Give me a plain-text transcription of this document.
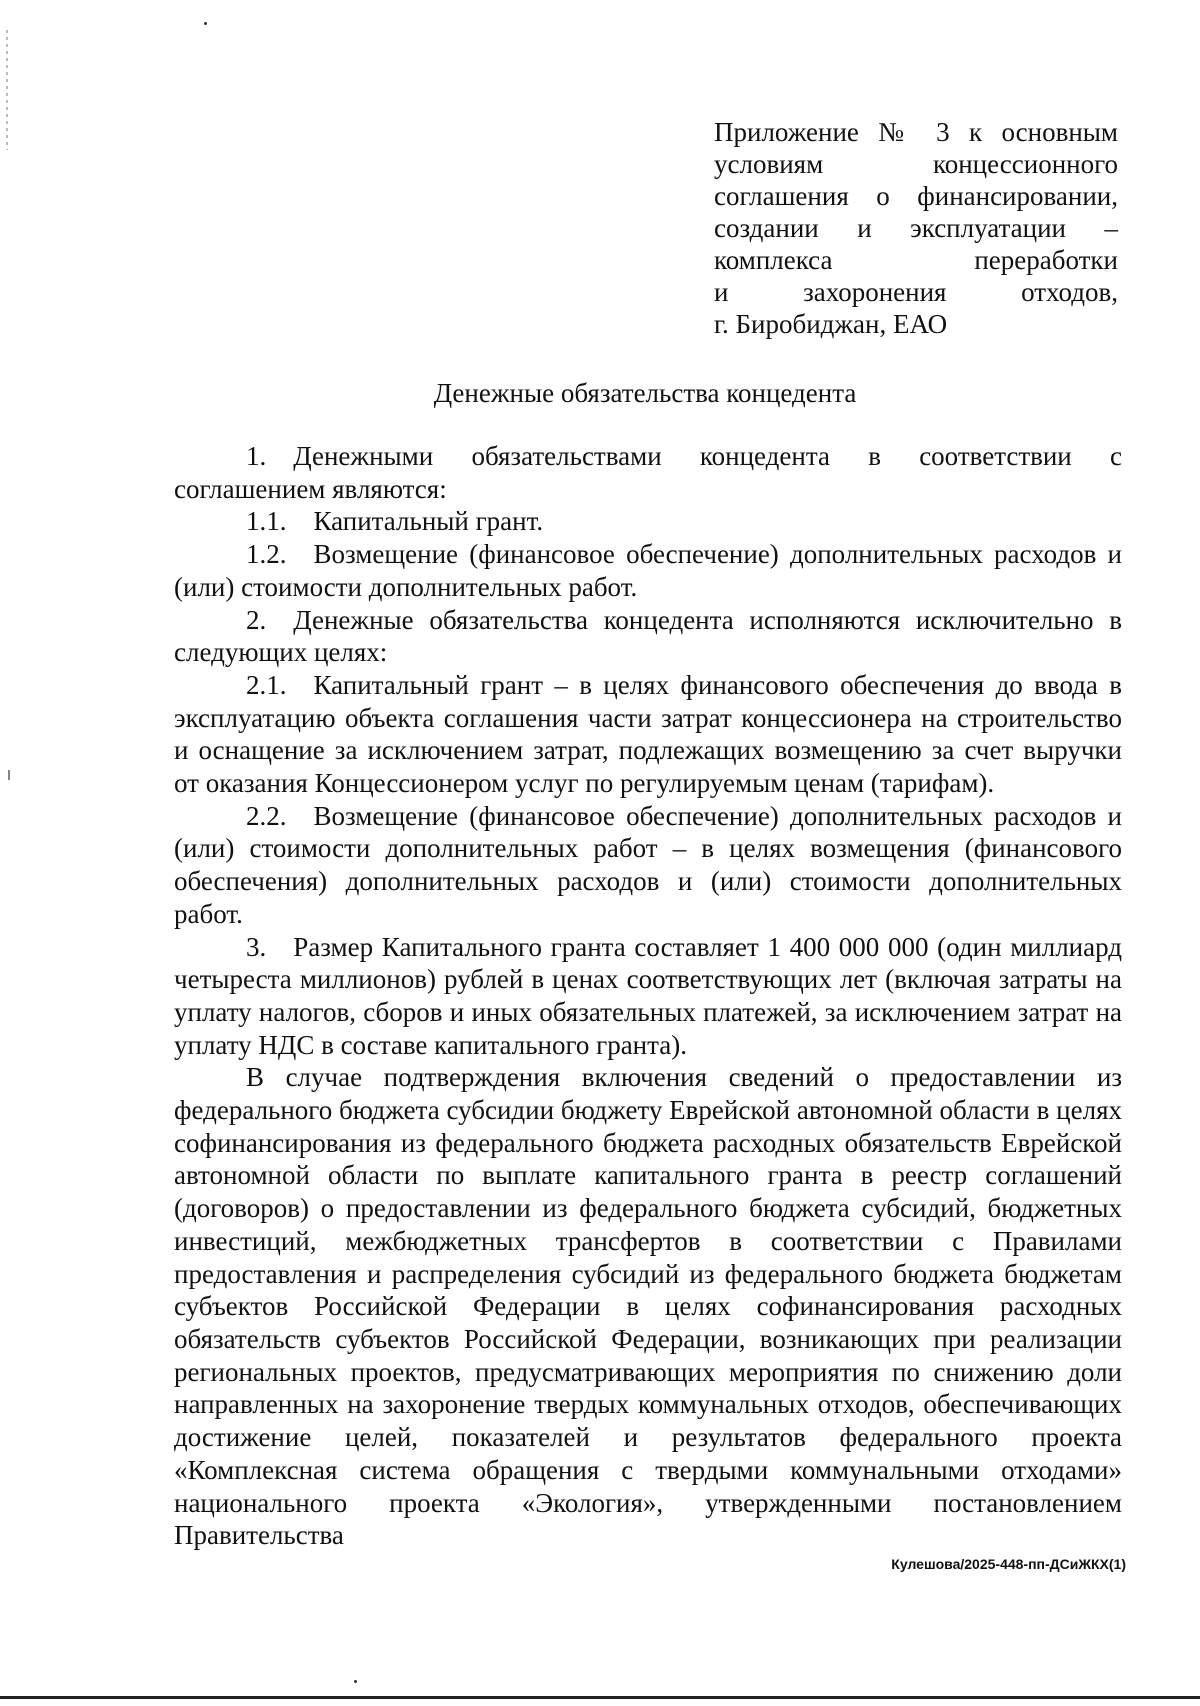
Приложение № 3 к основным
условиям концессионного
соглашения о финансировании,
создании и эксплуатации –
комплекса переработки
и захоронения отходов,
г. Биробиджан, ЕАО
Денежные обязательства концедента

1. Денежными обязательствами концедента в соответствии с соглашением являются:

1.1. Капитальный грант.

1.2. Возмещение (финансовое обеспечение) дополнительных расходов и (или) стоимости дополнительных работ.

2. Денежные обязательства концедента исполняются исключительно в следующих целях:

2.1. Капитальный грант – в целях финансового обеспечения до ввода в эксплуатацию объекта соглашения части затрат концессионера на строительство и оснащение за исключением затрат, подлежащих возмещению за счет выручки от оказания Концессионером услуг по регулируемым ценам (тарифам).

2.2. Возмещение (финансовое обеспечение) дополнительных расходов и (или) стоимости дополнительных работ – в целях возмещения (финансового обеспечения) дополнительных расходов и (или) стоимости дополнительных работ.

3. Размер Капитального гранта составляет 1 400 000 000 (один миллиард четыреста миллионов) рублей в ценах соответствующих лет (включая затраты на уплату налогов, сборов и иных обязательных платежей, за исключением затрат на уплату НДС в составе капитального гранта).

В случае подтверждения включения сведений о предоставлении из федерального бюджета субсидии бюджету Еврейской автономной области в целях софинансирования из федерального бюджета расходных обязательств Еврейской автономной области по выплате капитального гранта в реестр соглашений (договоров) о предоставлении из федерального бюджета субсидий, бюджетных инвестиций, межбюджетных трансфертов в соответствии с Правилами предоставления и распределения субсидий из федерального бюджета бюджетам субъектов Российской Федерации в целях софинансирования расходных обязательств субъектов Российской Федерации, возникающих при реализации региональных проектов, предусматривающих мероприятия по снижению доли направленных на захоронение твердых коммунальных отходов, обеспечивающих достижение целей, показателей и результатов федерального проекта «Комплексная система обращения с твердыми коммунальными отходами» национального проекта «Экология», утвержденными постановлением Правительства

Кулешова/2025-448-пп-ДСиЖКХ(1)
